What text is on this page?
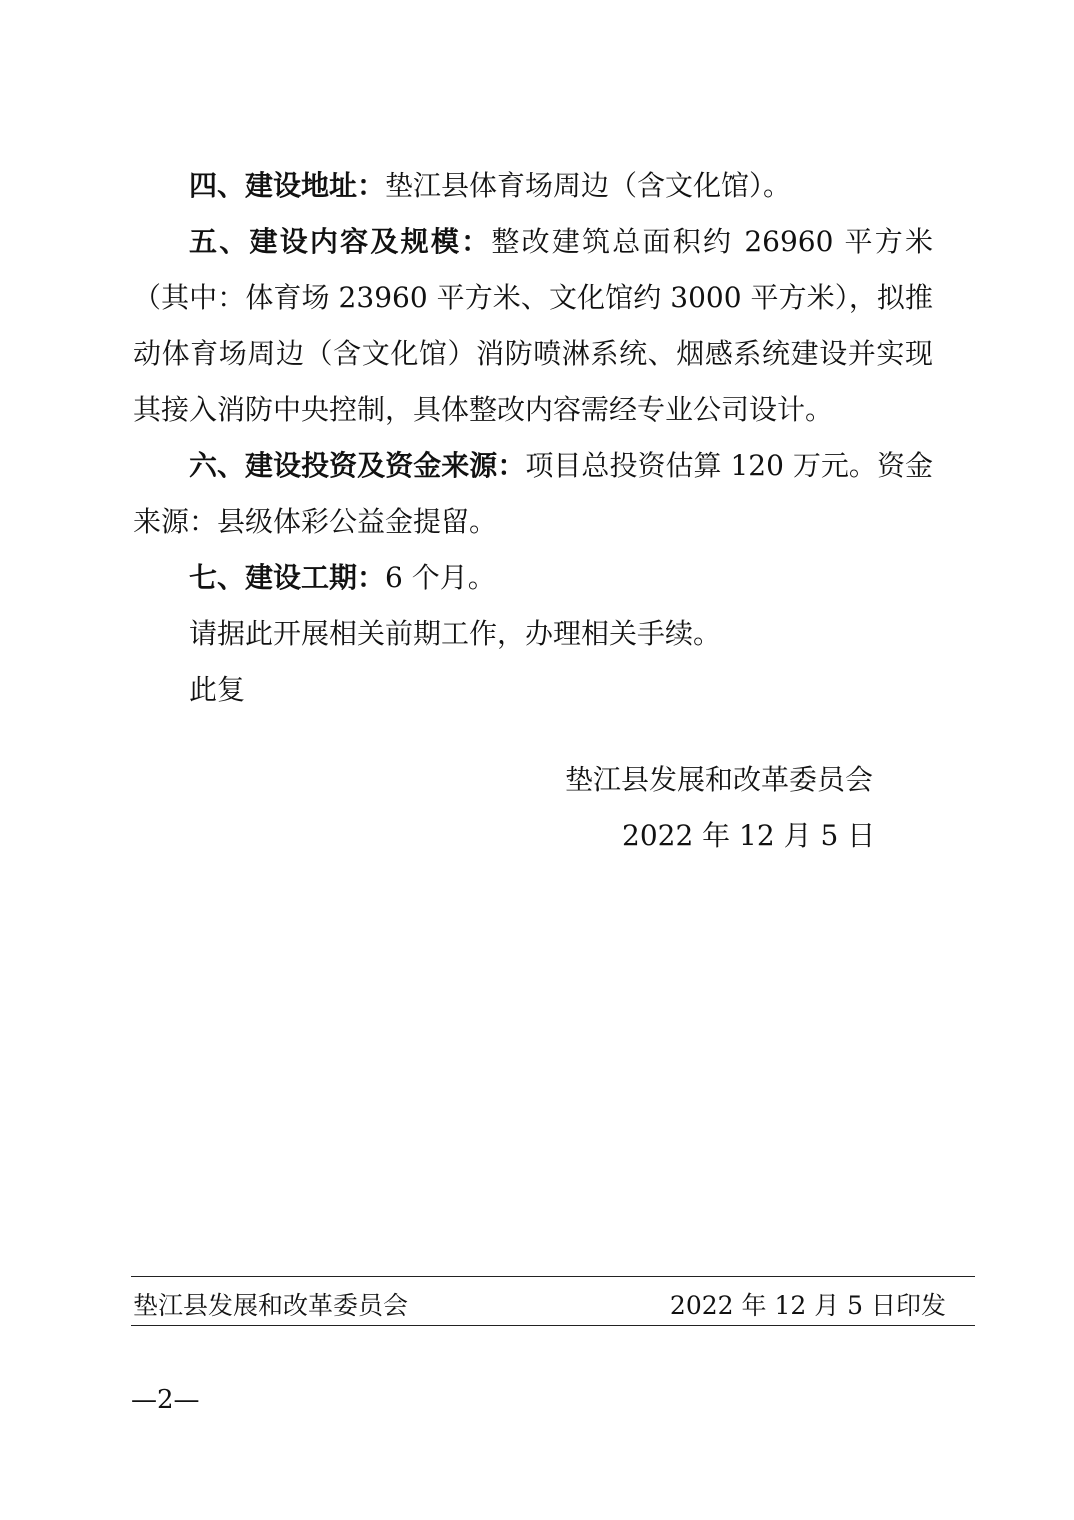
四、建设地址：垫江县体育场周边（含文化馆）。

五、建设内容及规模：整改建筑总面积约 26960 平方米（其中：体育场 23960 平方米、文化馆约 3000 平方米），拟推动体育场周边（含文化馆）消防喷淋系统、烟感系统建设并实现其接入消防中央控制，具体整改内容需经专业公司设计。

六、建设投资及资金来源：项目总投资估算 120 万元。资金来源：县级体彩公益金提留。

七、建设工期：6 个月。

请据此开展相关前期工作，办理相关手续。

此复

垫江县发展和改革委员会
2022 年 12 月 5 日
垫江县发展和改革委员会	2022 年 12 月 5 日印发
—2—
